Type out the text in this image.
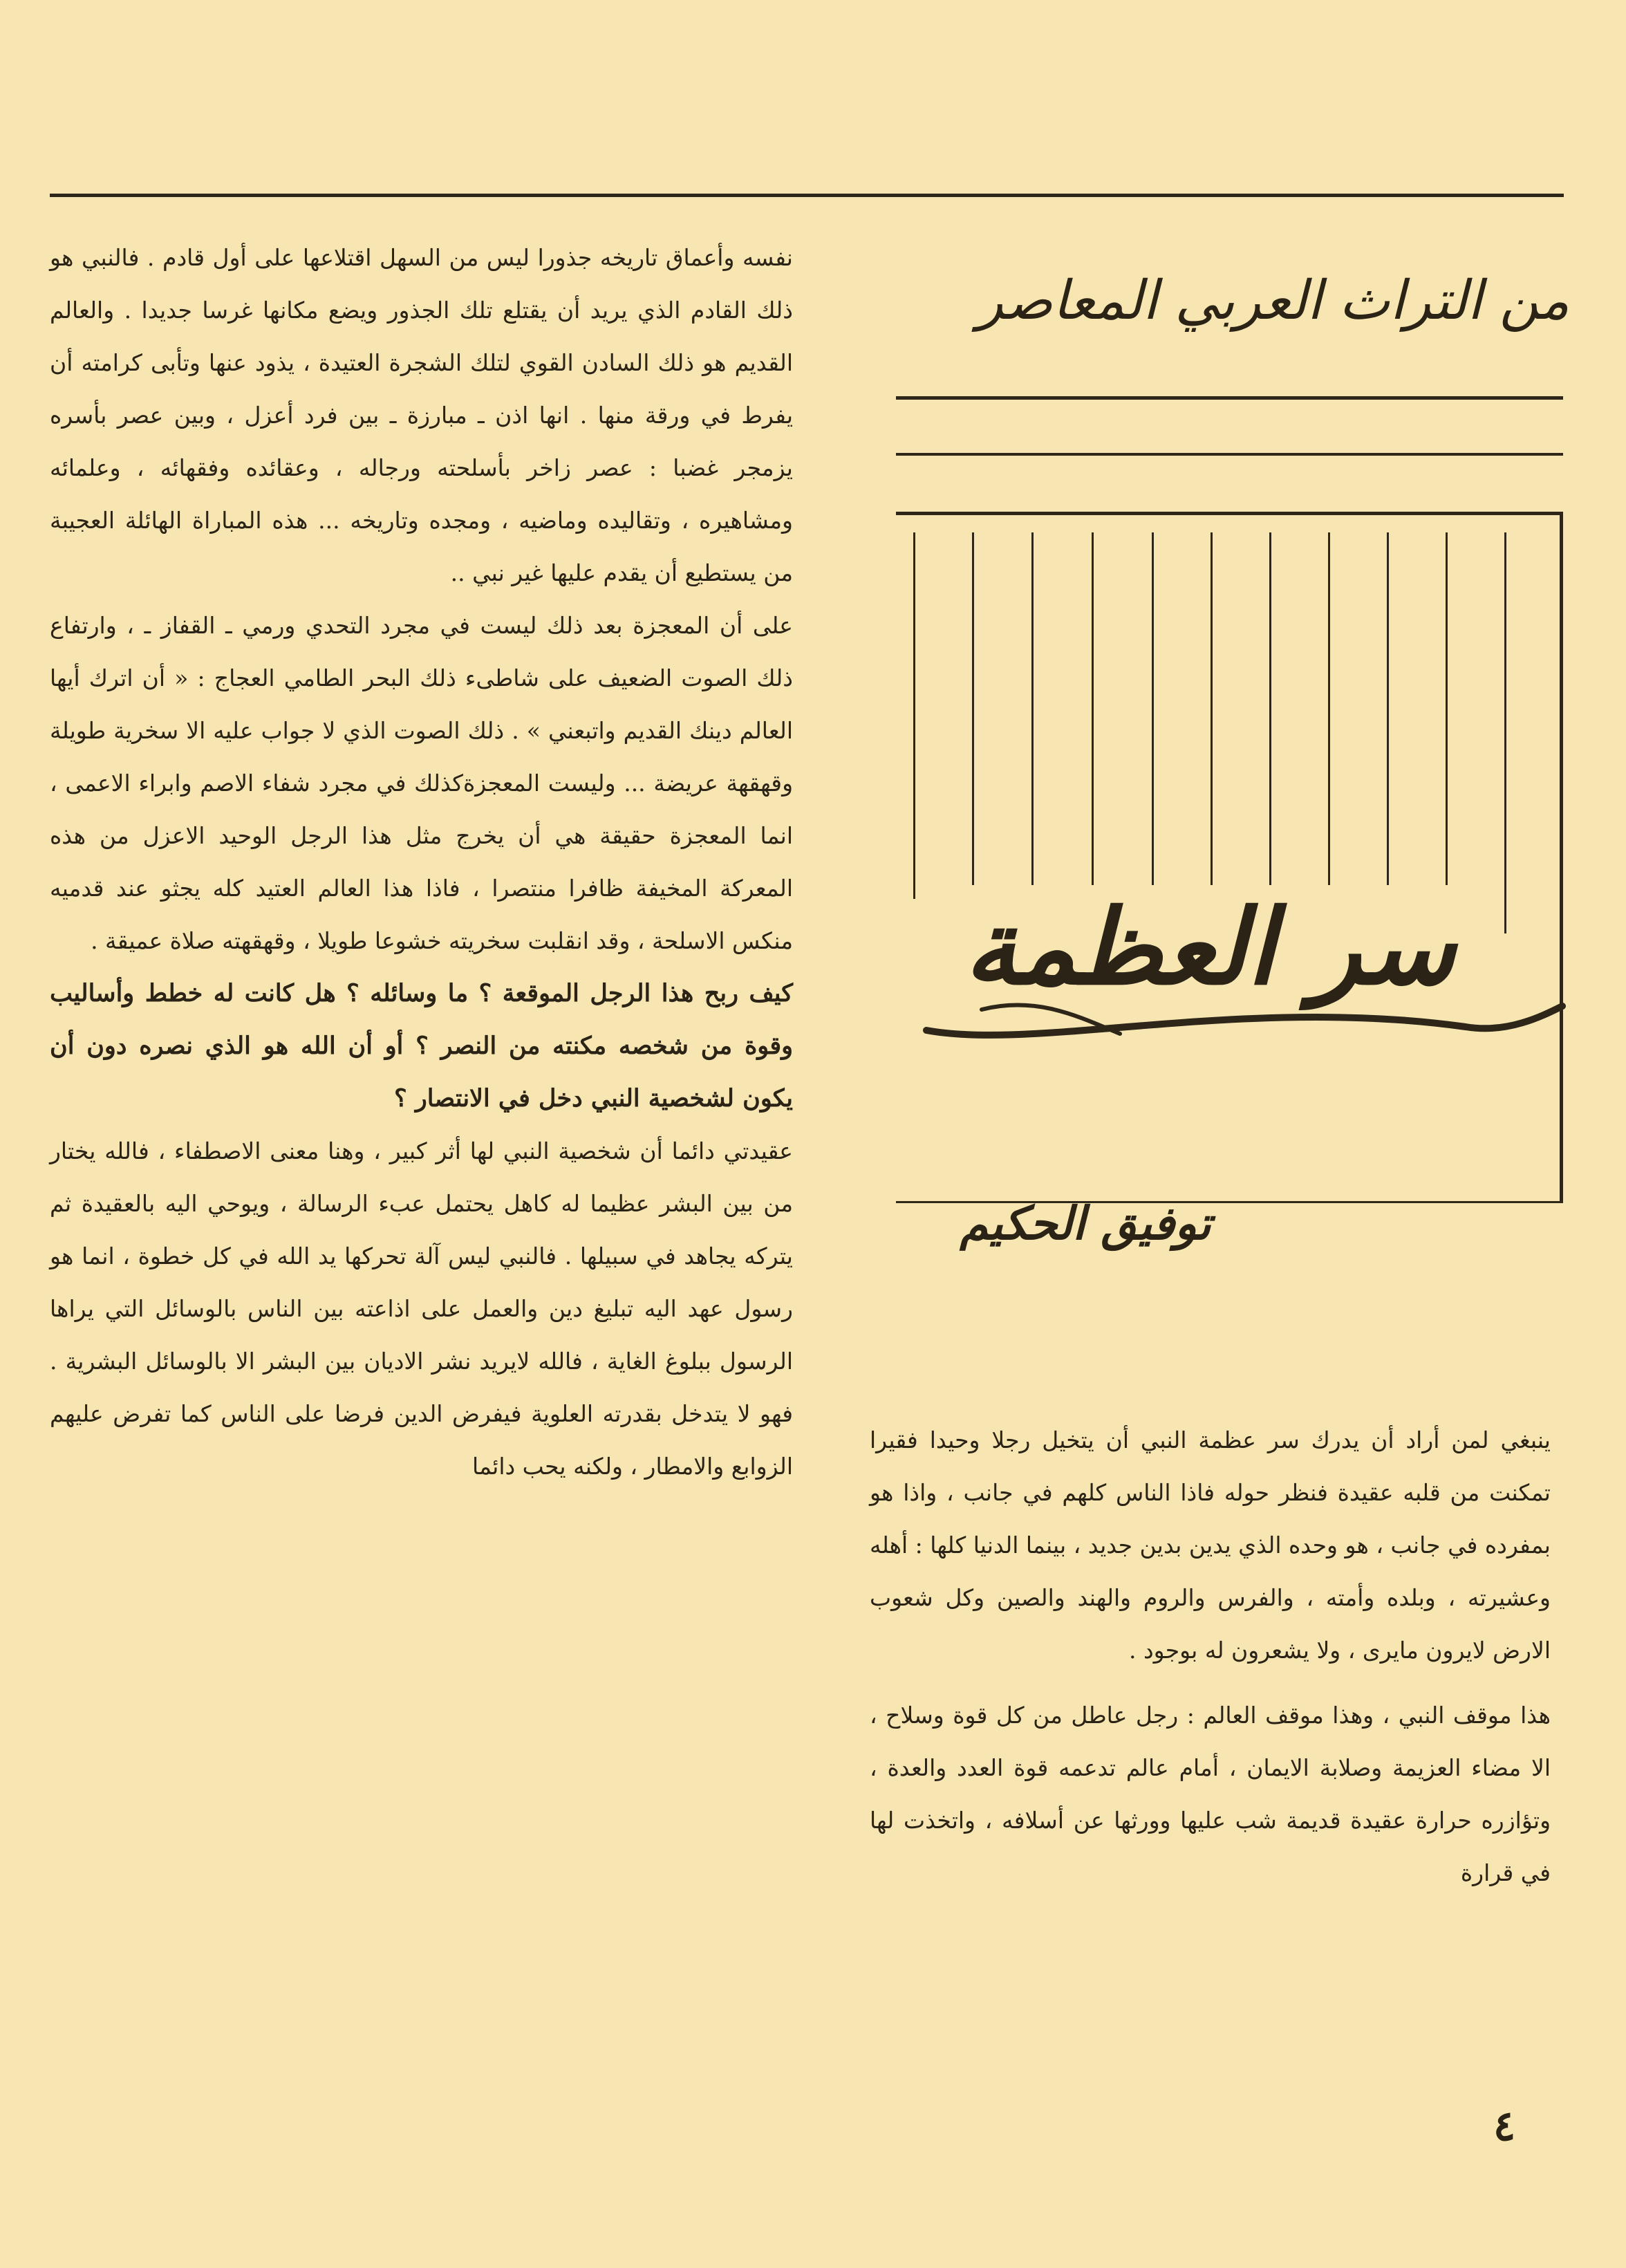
نفسه وأعماق تاريخه جذورا ليس من السهل اقتلاعها على أول قادم . فالنبي هو ذلك القادم الذي يريد أن يقتلع تلك الجذور ويضع مكانها غرسا جديدا . والعالم القديم هو ذلك السادن القوي لتلك الشجرة العتيدة ، يذود عنها وتأبى كرامته أن يفرط في ورقة منها . انها اذن ـ مبارزة ـ بين فرد أعزل ، وبين عصر بأسره يزمجر غضبا : عصر زاخر بأسلحته ورجاله ، وعقائده وفقهائه ، وعلمائه ومشاهيره ، وتقاليده وماضيه ، ومجده وتاريخه ... هذه المباراة الهائلة العجيبة من يستطيع أن يقدم عليها غير نبي ..

على أن المعجزة بعد ذلك ليست في مجرد التحدي ورمي ـ القفاز ـ ، وارتفاع ذلك الصوت الضعيف على شاطىء ذلك البحر الطامي العجاج : « أن اترك أيها العالم دينك القديم واتبعني » . ذلك الصوت الذي لا جواب عليه الا سخرية طويلة وقهقهة عريضة ... وليست المعجزةكذلك في مجرد شفاء الاصم وابراء الاعمى ، انما المعجزة حقيقة هي أن يخرج مثل هذا الرجل الوحيد الاعزل من هذه المعركة المخيفة ظافرا منتصرا ، فاذا هذا العالم العتيد كله يجثو عند قدميه منكس الاسلحة ، وقد انقلبت سخريته خشوعا طويلا ، وقهقهته صلاة عميقة .

كيف ربح هذا الرجل الموقعة ؟ ما وسائله ؟ هل كانت له خطط وأساليب وقوة من شخصه مكنته من النصر ؟ أو أن الله هو الذي نصره دون أن يكون لشخصية النبي دخل في الانتصار ؟

عقيدتي دائما أن شخصية النبي لها أثر كبير ، وهنا معنى الاصطفاء ، فالله يختار من بين البشر عظيما له كاهل يحتمل عبء الرسالة ، ويوحي اليه بالعقيدة ثم يتركه يجاهد في سبيلها . فالنبي ليس آلة تحركها يد الله في كل خطوة ، انما هو رسول عهد اليه تبليغ دين والعمل على اذاعته بين الناس بالوسائل التي يراها الرسول ببلوغ الغاية ، فالله لايريد نشر الاديان بين البشر الا بالوسائل البشرية . فهو لا يتدخل بقدرته العلوية فيفرض الدين فرضا على الناس كما تفرض عليهم الزوابع والامطار ، ولكنه يحب دائما

من التراث العربي المعاصر
سر العظمة
توفيق الحكيم

ينبغي لمن أراد أن يدرك سر عظمة النبي أن يتخيل رجلا وحيدا فقيرا تمكنت من قلبه عقيدة فنظر حوله فاذا الناس كلهم في جانب ، واذا هو بمفرده في جانب ، هو وحده الذي يدين بدين جديد ، بينما الدنيا كلها : أهله وعشيرته ، وبلده وأمته ، والفرس والروم والهند والصين وكل شعوب الارض لايرون مايرى ، ولا يشعرون له بوجود .

هذا موقف النبي ، وهذا موقف العالم : رجل عاطل من كل قوة وسلاح ، الا مضاء العزيمة وصلابة الايمان ، أمام عالم تدعمه قوة العدد والعدة ، وتؤازره حرارة عقيدة قديمة شب عليها وورثها عن أسلافه ، واتخذت لها في قرارة

٤
